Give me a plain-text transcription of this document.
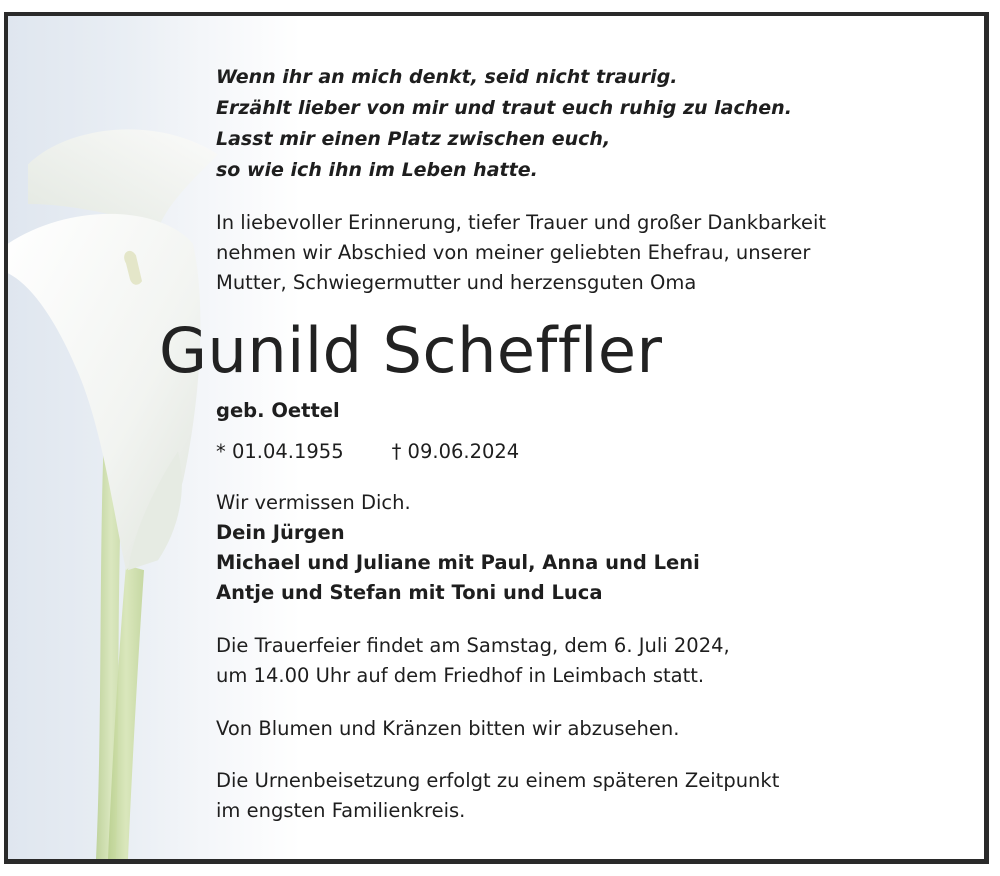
Wenn ihr an mich denkt, seid nicht traurig.

Erzählt lieber von mir und traut euch ruhig zu lachen.

Lasst mir einen Platz zwischen euch,

so wie ich ihn im Leben hatte.

In liebevoller Erinnerung, tiefer Trauer und großer Dankbarkeit

nehmen wir Abschied von meiner geliebten Ehefrau, unserer

Mutter, Schwiegermutter und herzensguten Oma

Gunild Scheffler

geb. Oettel

* 01.04.1955 † 09.06.2024

Wir vermissen Dich.

Dein Jürgen

Michael und Juliane mit Paul, Anna und Leni

Antje und Stefan mit Toni und Luca

Die Trauerfeier findet am Samstag, dem 6. Juli 2024,

um 14.00 Uhr auf dem Friedhof in Leimbach statt.

Von Blumen und Kränzen bitten wir abzusehen.

Die Urnenbeisetzung erfolgt zu einem späteren Zeitpunkt

im engsten Familienkreis.
